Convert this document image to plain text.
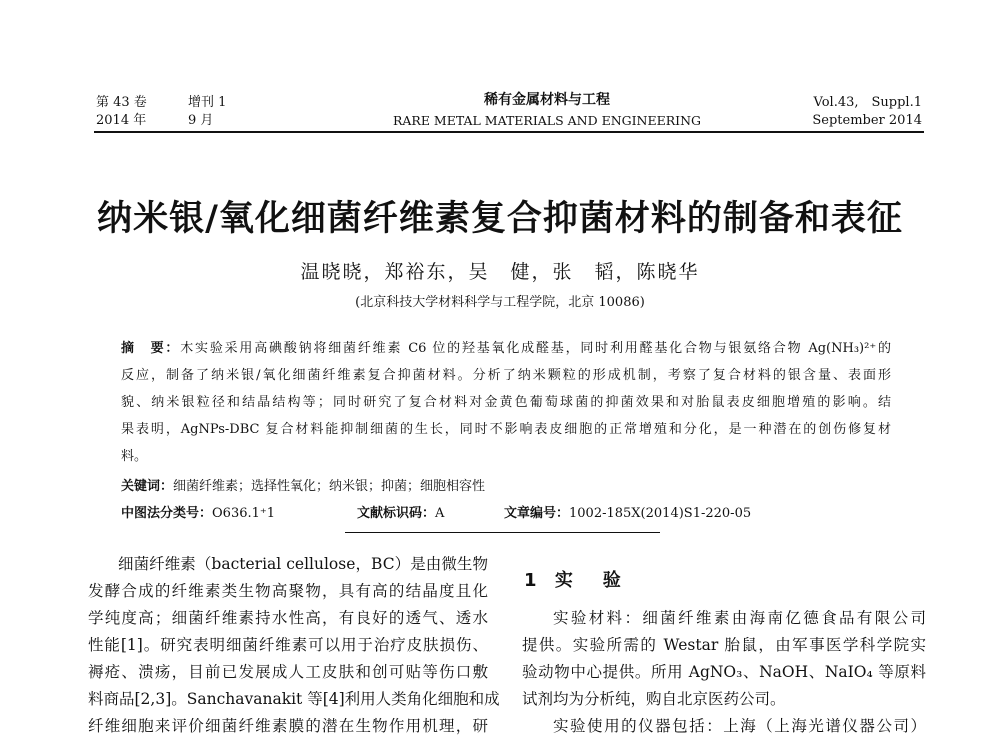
第 43 卷	增刊 1
2014 年	9 月
稀有金属材料与工程
RARE METAL MATERIALS AND ENGINEERING
Vol.43,　Suppl.1
September 2014
纳米银/氧化细菌纤维素复合抑菌材料的制备和表征
温晓晓，郑裕东，吴　健，张　韬，陈晓华
(北京科技大学材料科学与工程学院，北京 10086)
摘　要：木实验采用高碘酸钠将细菌纤维素 C6 位的羟基氧化成醛基，同时利用醛基化合物与银氨络合物 Ag(NH₃)²⁺的
反应，制备了纳米银/氧化细菌纤维素复合抑菌材料。分析了纳米颗粒的形成机制，考察了复合材料的银含量、表面形
貌、纳米银粒径和结晶结构等；同时研究了复合材料对金黄色葡萄球菌的抑菌效果和对胎鼠表皮细胞增殖的影响。结
果表明，AgNPs-DBC 复合材料能抑制细菌的生长，同时不影响表皮细胞的正常增殖和分化，是一种潜在的创伤修复材
料。
关键词：细菌纤维素；选择性氧化；纳米银；抑菌；细胞相容性
中图法分类号：O636.1⁺1	文献标识码：A	文章编号：1002-185X(2014)S1-220-05
细菌纤维素（bacterial cellulose，BC）是由微生物
发酵合成的纤维素类生物高聚物，具有高的结晶度且化
学纯度高；细菌纤维素持水性高，有良好的透气、透水
性能[1]。研究表明细菌纤维素可以用于治疗皮肤损伤、
褥疮、溃疡，目前已发展成人工皮肤和创可贴等伤口敷
料商品[2,3]。Sanchavanakit 等[4]利用人类角化细胞和成
纤维细胞来评价细菌纤维素膜的潜在生物作用机理，研
1 实　验
实验材料：细菌纤维素由海南亿德食品有限公司
提供。实验所需的 Westar 胎鼠，由军事医学科学院实
验动物中心提供。所用 AgNO₃、NaOH、NaIO₄ 等原料
试剂均为分析纯，购自北京医药公司。
实验使用的仪器包括：上海（上海光谱仪器公司）
